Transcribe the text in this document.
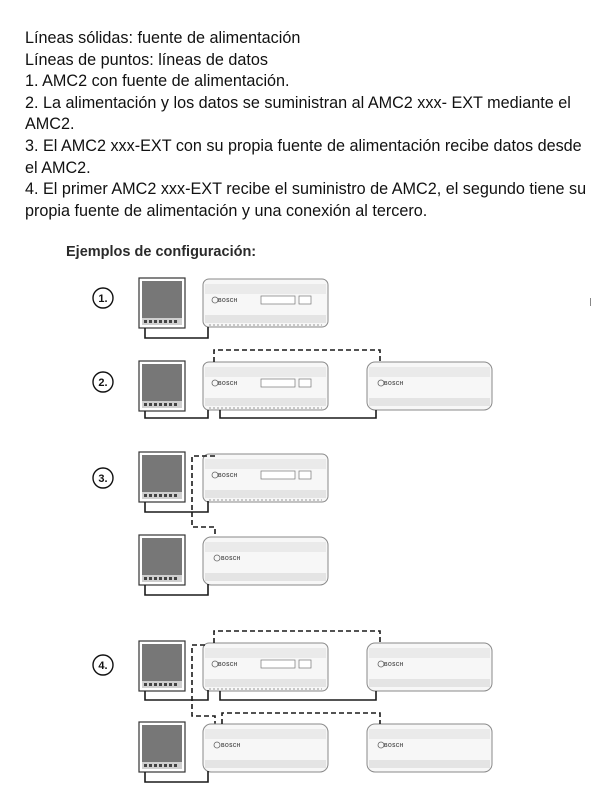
Líneas sólidas: fuente de alimentación
Líneas de puntos: líneas de datos
1. AMC2 con fuente de alimentación.
2. La alimentación y los datos se suministran al AMC2 xxx- EXT mediante el AMC2.
3. El AMC2 xxx-EXT con su propia fuente de alimentación recibe datos desde el AMC2.
4. El primer AMC2 xxx-EXT recibe el suministro de AMC2, el segundo tiene su propia fuente de alimentación y una conexión al tercero.
Ejemplos de configuración:
1.	BOSCH
2.	BOSCH	BOSCH
3.	BOSCH
BOSCH
4.	BOSCH	BOSCH
BOSCH	BOSCH
